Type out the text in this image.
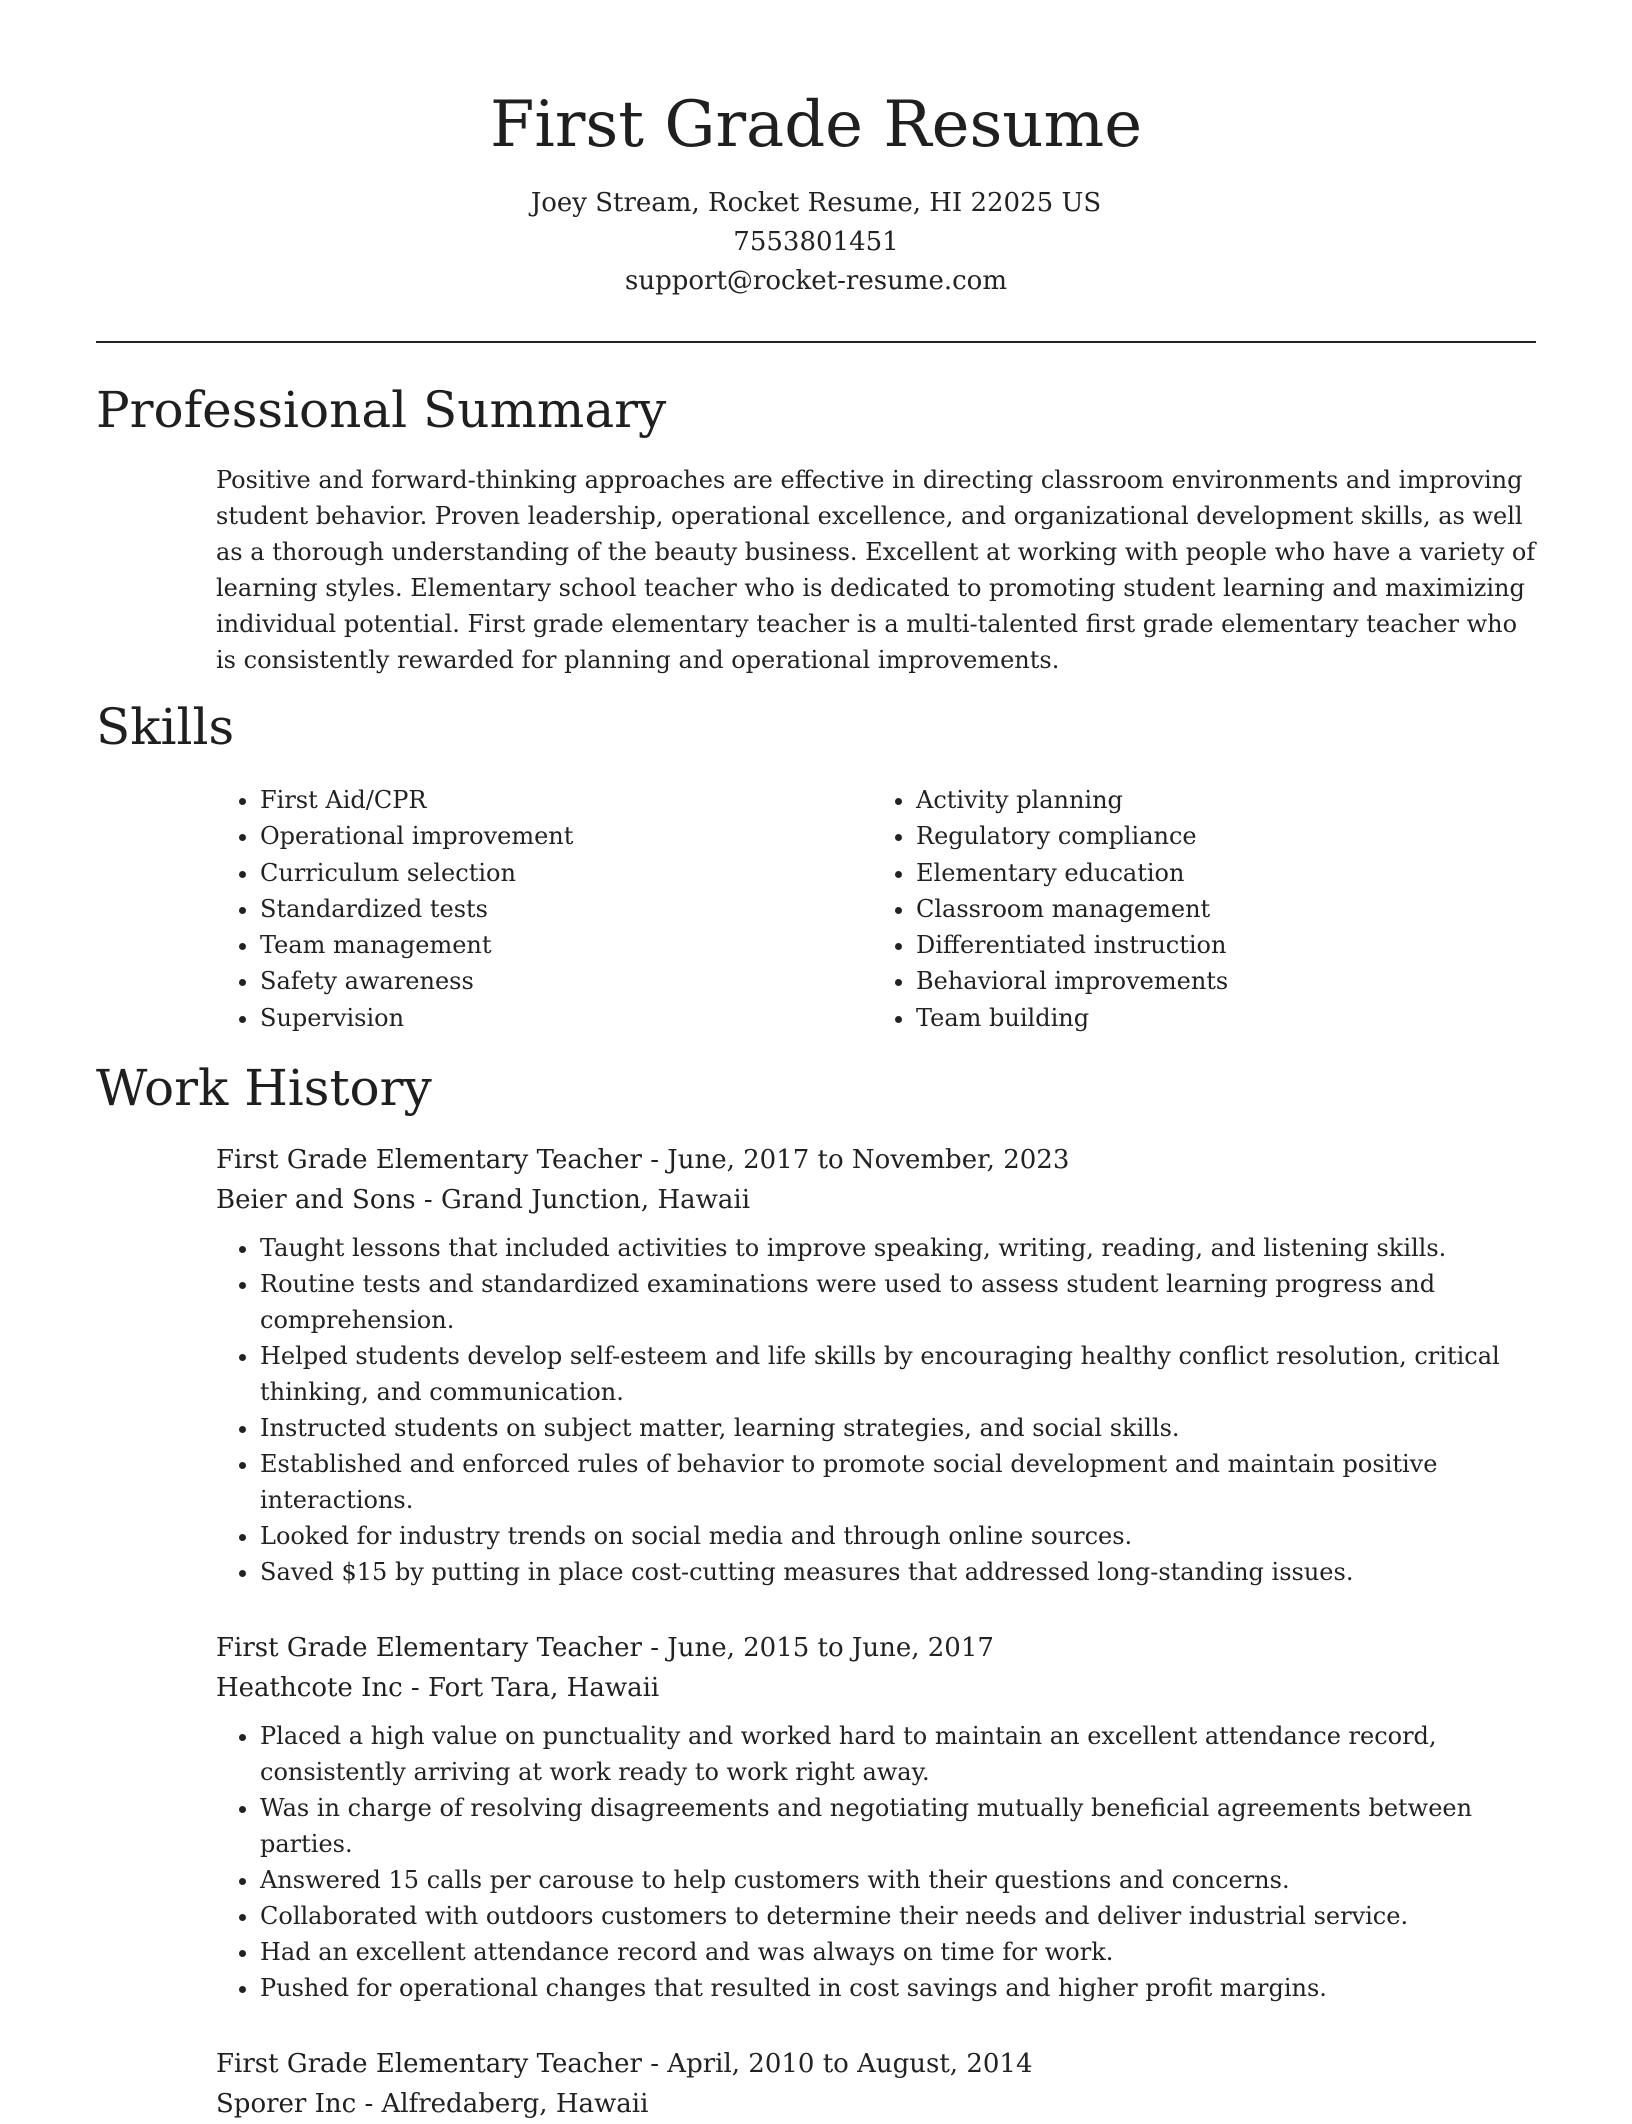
First Grade Resume
Joey Stream, Rocket Resume, HI 22025 US
7553801451
support@rocket-resume.com
Professional Summary

Positive and forward-thinking approaches are effective in directing classroom environments and improving student behavior. Proven leadership, operational excellence, and organizational development skills, as well as a thorough understanding of the beauty business. Excellent at working with people who have a variety of learning styles. Elementary school teacher who is dedicated to promoting student learning and maximizing individual potential. First grade elementary teacher is a multi-talented first grade elementary teacher who is consistently rewarded for planning and operational improvements.

Skills
• First Aid/CPR
• Operational improvement
• Curriculum selection
• Standardized tests
• Team management
• Safety awareness
• Supervision
• Activity planning
• Regulatory compliance
• Elementary education
• Classroom management
• Differentiated instruction
• Behavioral improvements
• Team building
Work History

First Grade Elementary Teacher - June, 2017 to November, 2023

Beier and Sons - Grand Junction, Hawaii

• Taught lessons that included activities to improve speaking, writing, reading, and listening skills.
• Routine tests and standardized examinations were used to assess student learning progress and comprehension.
• Helped students develop self-esteem and life skills by encouraging healthy conflict resolution, critical thinking, and communication.
• Instructed students on subject matter, learning strategies, and social skills.
• Established and enforced rules of behavior to promote social development and maintain positive interactions.
• Looked for industry trends on social media and through online sources.
• Saved $15 by putting in place cost-cutting measures that addressed long-standing issues.

First Grade Elementary Teacher - June, 2015 to June, 2017

Heathcote Inc - Fort Tara, Hawaii

• Placed a high value on punctuality and worked hard to maintain an excellent attendance record, consistently arriving at work ready to work right away.
• Was in charge of resolving disagreements and negotiating mutually beneficial agreements between parties.
• Answered 15 calls per carouse to help customers with their questions and concerns.
• Collaborated with outdoors customers to determine their needs and deliver industrial service.
• Had an excellent attendance record and was always on time for work.
• Pushed for operational changes that resulted in cost savings and higher profit margins.

First Grade Elementary Teacher - April, 2010 to August, 2014

Sporer Inc - Alfredaberg, Hawaii
